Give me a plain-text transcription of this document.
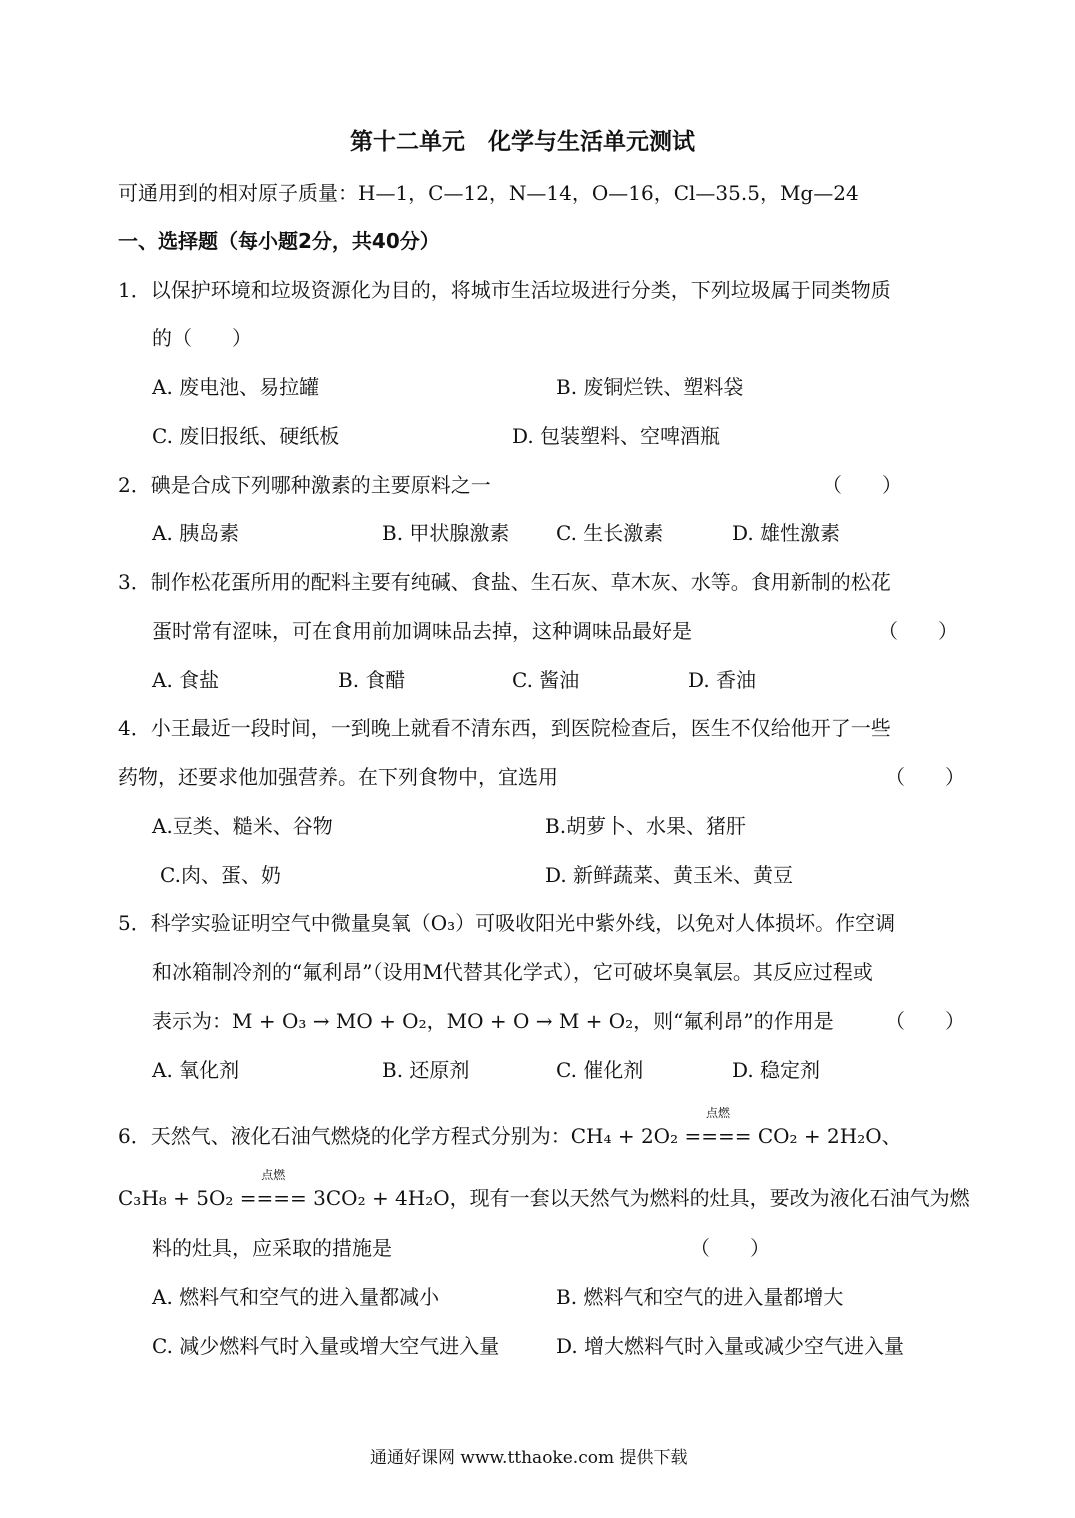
第十二单元　化学与生活单元测试
可通用到的相对原子质量：H—1，C—12，N—14，O—16，Cl—35.5，Mg—24
一、选择题（每小题2分，共40分）
1．以保护环境和垃圾资源化为目的，将城市生活垃圾进行分类，下列垃圾属于同类物质
的（　　）
A. 废电池、易拉罐	B. 废铜烂铁、塑料袋
C. 废旧报纸、硬纸板	D. 包装塑料、空啤酒瓶
2．碘是合成下列哪种激素的主要原料之一	（　　）
A. 胰岛素	B. 甲状腺激素 C. 生长激素	D. 雄性激素
3．制作松花蛋所用的配料主要有纯碱、食盐、生石灰、草木灰、水等。食用新制的松花
蛋时常有涩味，可在食用前加调味品去掉，这种调味品最好是	（　　）
A. 食盐	B. 食醋	C. 酱油	D. 香油
4．小王最近一段时间，一到晚上就看不清东西，到医院检查后，医生不仅给他开了一些
药物，还要求他加强营养。在下列食物中，宜选用	（　　）
A.豆类、糙米、谷物	B.胡萝卜、水果、猪肝
C.肉、蛋、奶	D. 新鲜蔬菜、黄玉米、黄豆
5．科学实验证明空气中微量臭氧（O₃）可吸收阳光中紫外线，以免对人体损坏。作空调
和冰箱制冷剂的“氟利昂”（设用M代替其化学式），它可破坏臭氧层。其反应过程或
表示为：M + O₃ → MO + O₂，MO + O → M + O₂，则“氟利昂”的作用是	（　　）
A. 氧化剂	B. 还原剂	C. 催化剂	D. 稳定剂
6．天然气、液化石油气燃烧的化学方程式分别为：CH₄ + 2O₂
点燃
==== CO₂ + 2H₂O、
C₃H₈ + 5O₂
点燃
==== 3CO₂ + 4H₂O，现有一套以天然气为燃料的灶具，要改为液化石油气为燃
料的灶具，应采取的措施是	（　　）
A. 燃料气和空气的进入量都减小	B. 燃料气和空气的进入量都增大
C. 减少燃料气时入量或增大空气进入量	D. 增大燃料气时入量或减少空气进入量
通通好课网 www.tthaoke.com 提供下载
